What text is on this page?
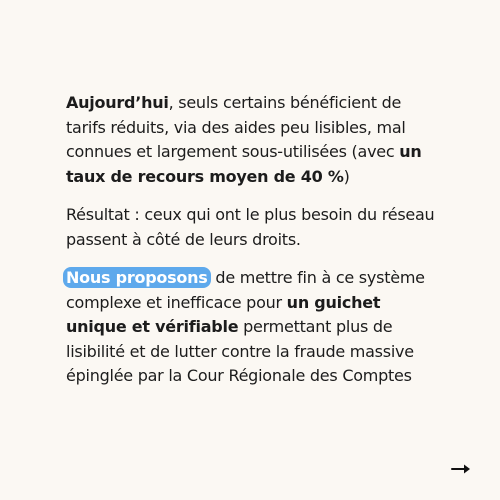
Aujourd’hui, seuls certains bénéficient de tarifs réduits, via des aides peu lisibles, mal connues et largement sous-utilisées (avec un taux de recours moyen de 40 %)

Résultat : ceux qui ont le plus besoin du réseau passent à côté de leurs droits.

Nous proposons de mettre fin à ce système complexe et inefficace pour un guichet unique et vérifiable permettant plus de lisibilité et de lutter contre la fraude massive épinglée par la Cour Régionale des Comptes
